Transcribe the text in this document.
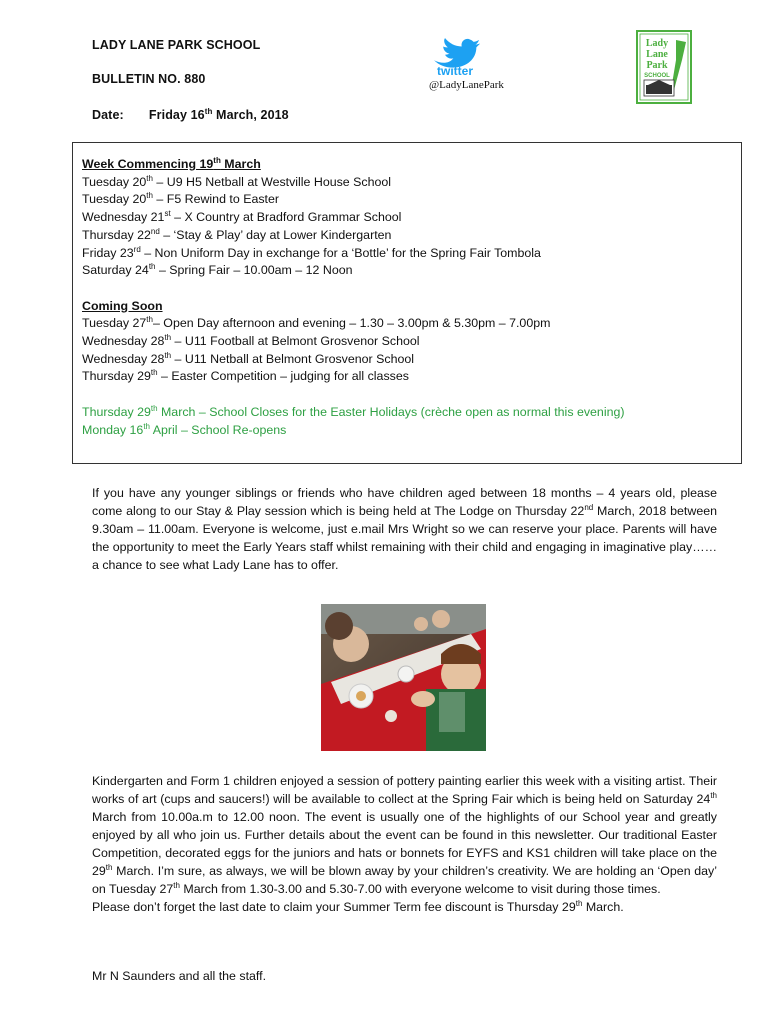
LADY LANE PARK SCHOOL
BULLETIN NO. 880
Date: Friday 16th March, 2018
twitter
@LadyLanePark
Lady
Lane
Park
SCHOOL
Week Commencing 19th March
Tuesday 20th – U9 H5 Netball at Westville House School
Tuesday 20th – F5 Rewind to Easter
Wednesday 21st – X Country at Bradford Grammar School
Thursday 22nd – ‘Stay & Play’ day at Lower Kindergarten
Friday 23rd – Non Uniform Day in exchange for a ‘Bottle’ for the Spring Fair Tombola
Saturday 24th – Spring Fair – 10.00am – 12 Noon
Coming Soon
Tuesday 27th– Open Day afternoon and evening – 1.30 – 3.00pm & 5.30pm – 7.00pm
Wednesday 28th – U11 Football at Belmont Grosvenor School
Wednesday 28th – U11 Netball at Belmont Grosvenor School
Thursday 29th – Easter Competition – judging for all classes
Thursday 29th March – School Closes for the Easter Holidays (crèche open as normal this evening)
Monday 16th April – School Re-opens
If you have any younger siblings or friends who have children aged between 18 months – 4 years old, please come along to our Stay & Play session which is being held at The Lodge on Thursday 22nd March, 2018 between 9.30am – 11.00am. Everyone is welcome, just e.mail Mrs Wright so we can reserve your place. Parents will have the opportunity to meet the Early Years staff whilst remaining with their child and engaging in imaginative play……a chance to see what Lady Lane has to offer.
Kindergarten and Form 1 children enjoyed a session of pottery painting earlier this week with a visiting artist. Their works of art (cups and saucers!) will be available to collect at the Spring Fair which is being held on Saturday 24th March from 10.00a.m to 12.00 noon. The event is usually one of the highlights of our School year and greatly enjoyed by all who join us. Further details about the event can be found in this newsletter. Our traditional Easter Competition, decorated eggs for the juniors and hats or bonnets for EYFS and KS1 children will take place on the 29th March. I’m sure, as always, we will be blown away by your children’s creativity. We are holding an ‘Open day’ on Tuesday 27th March from 1.30-3.00 and 5.30-7.00 with everyone welcome to visit during those times.
Please don’t forget the last date to claim your Summer Term fee discount is Thursday 29th March.
Mr N Saunders and all the staff.
